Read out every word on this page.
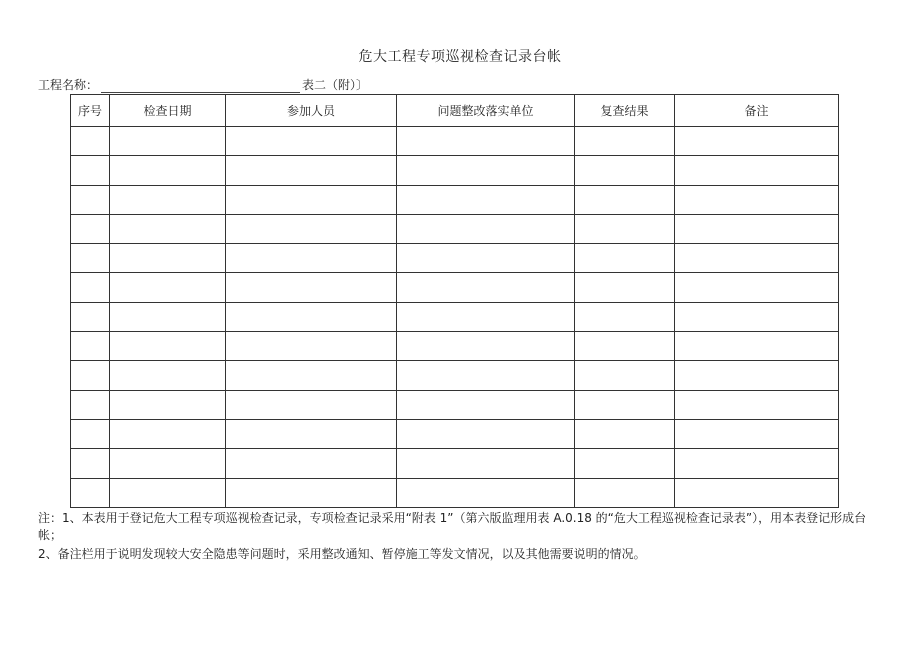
危大工程专项巡视检查记录台帐
工程名称：	表二（附）〕
序号	检查日期	参加人员	问题整改落实单位	复查结果	备注

注：1、本表用于登记危大工程专项巡视检查记录，专项检查记录采用“附表 1”（第六版监理用表 A.0.18 的“危大工程巡视检查记录表”），用本表登记形成台帐；

2、备注栏用于说明发现较大安全隐患等问题时，采用整改通知、暂停施工等发文情况，以及其他需要说明的情况。
